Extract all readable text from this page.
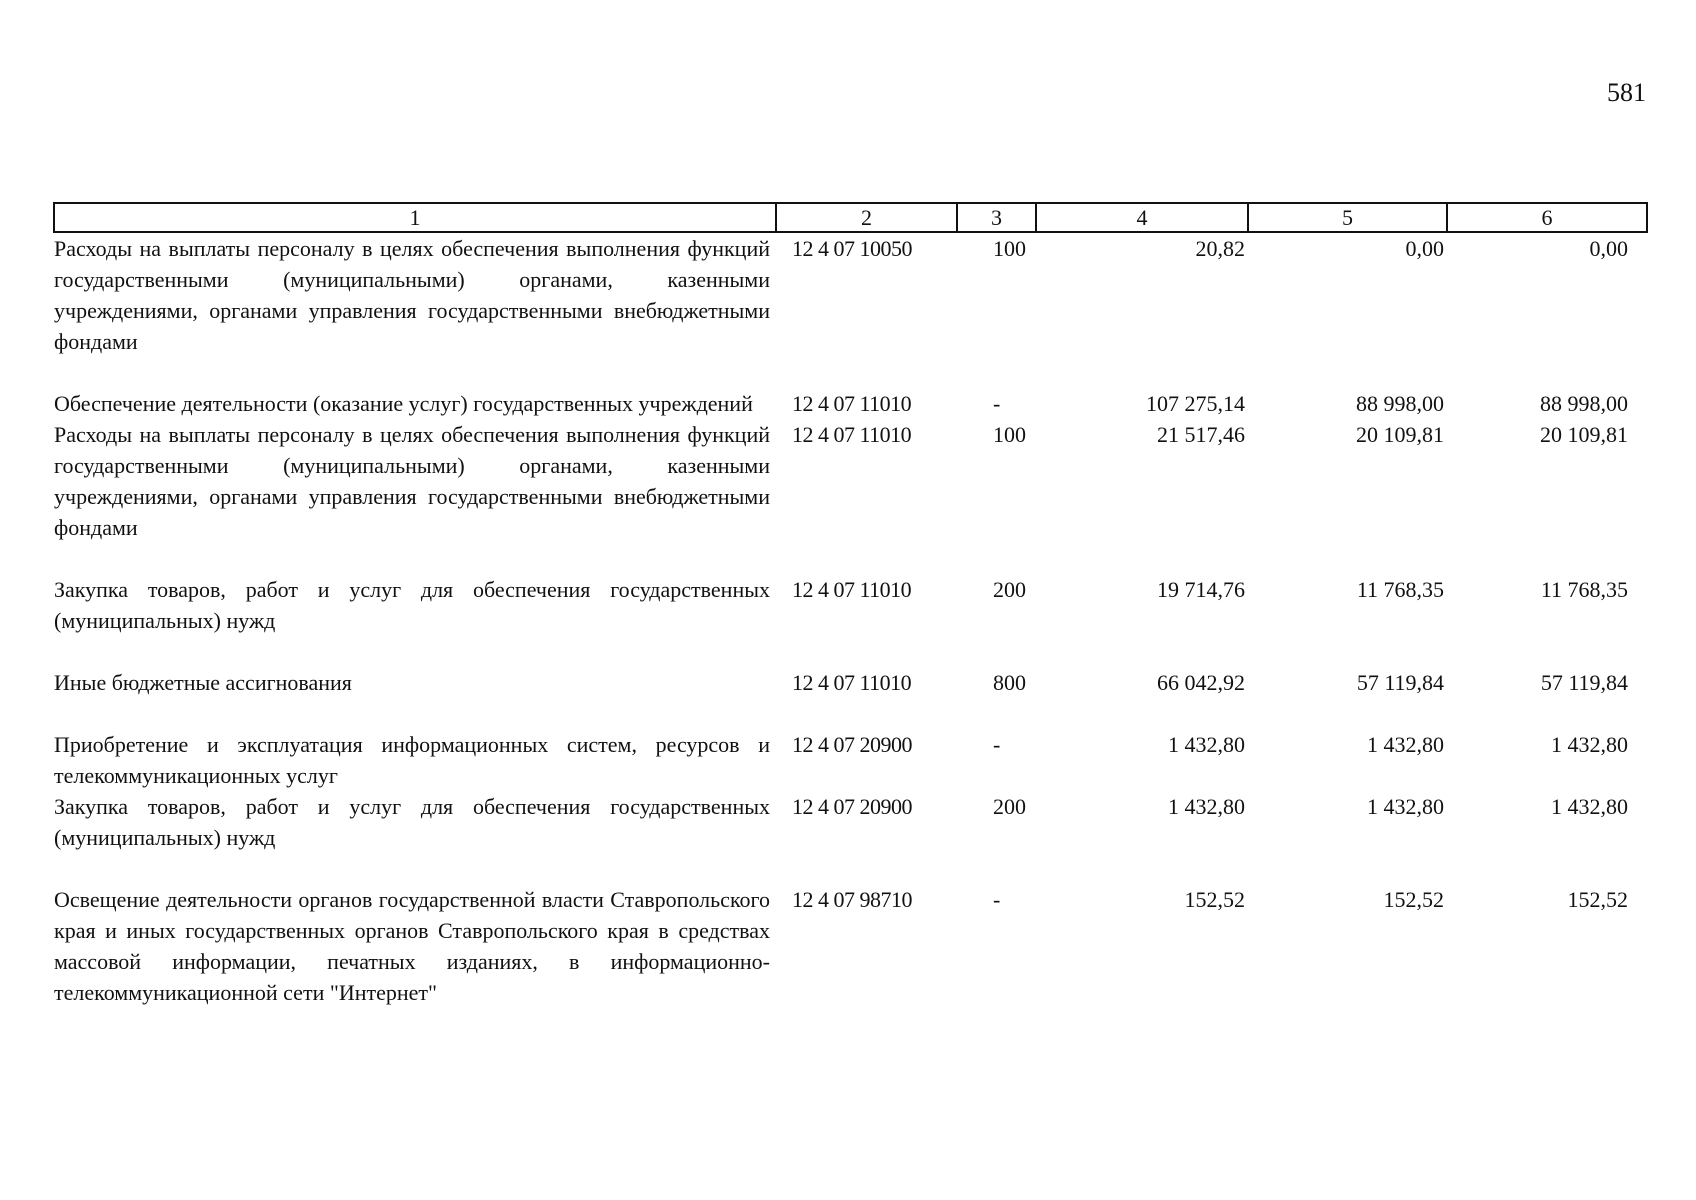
581
1	2	3	4	5	6
Расходы на выплаты персоналу в целях обеспечения выполнения функций государственными (муниципальными) органами, казенными учреждениями, органами управления государственными внебюджетными фондами	12 4 07 10050	100	20,82	0,00	0,00
Обеспечение деятельности (оказание услуг) государственных учреждений	12 4 07 11010	-	107 275,14	88 998,00	88 998,00
Расходы на выплаты персоналу в целях обеспечения выполнения функций государственными (муниципальными) органами, казенными учреждениями, органами управления государственными внебюджетными фондами	12 4 07 11010	100	21 517,46	20 109,81	20 109,81
Закупка товаров, работ и услуг для обеспечения государственных (муниципальных) нужд	12 4 07 11010	200	19 714,76	11 768,35	11 768,35
Иные бюджетные ассигнования	12 4 07 11010	800	66 042,92	57 119,84	57 119,84
Приобретение и эксплуатация информационных систем, ресурсов и телекоммуникационных услуг	12 4 07 20900	-	1 432,80	1 432,80	1 432,80
Закупка товаров, работ и услуг для обеспечения государственных (муниципальных) нужд	12 4 07 20900	200	1 432,80	1 432,80	1 432,80
Освещение деятельности органов государственной власти Ставропольского края и иных государственных органов Ставропольского края в средствах массовой информации, печатных изданиях, в информационно-телекоммуникационной сети "Интернет"	12 4 07 98710	-	152,52	152,52	152,52
